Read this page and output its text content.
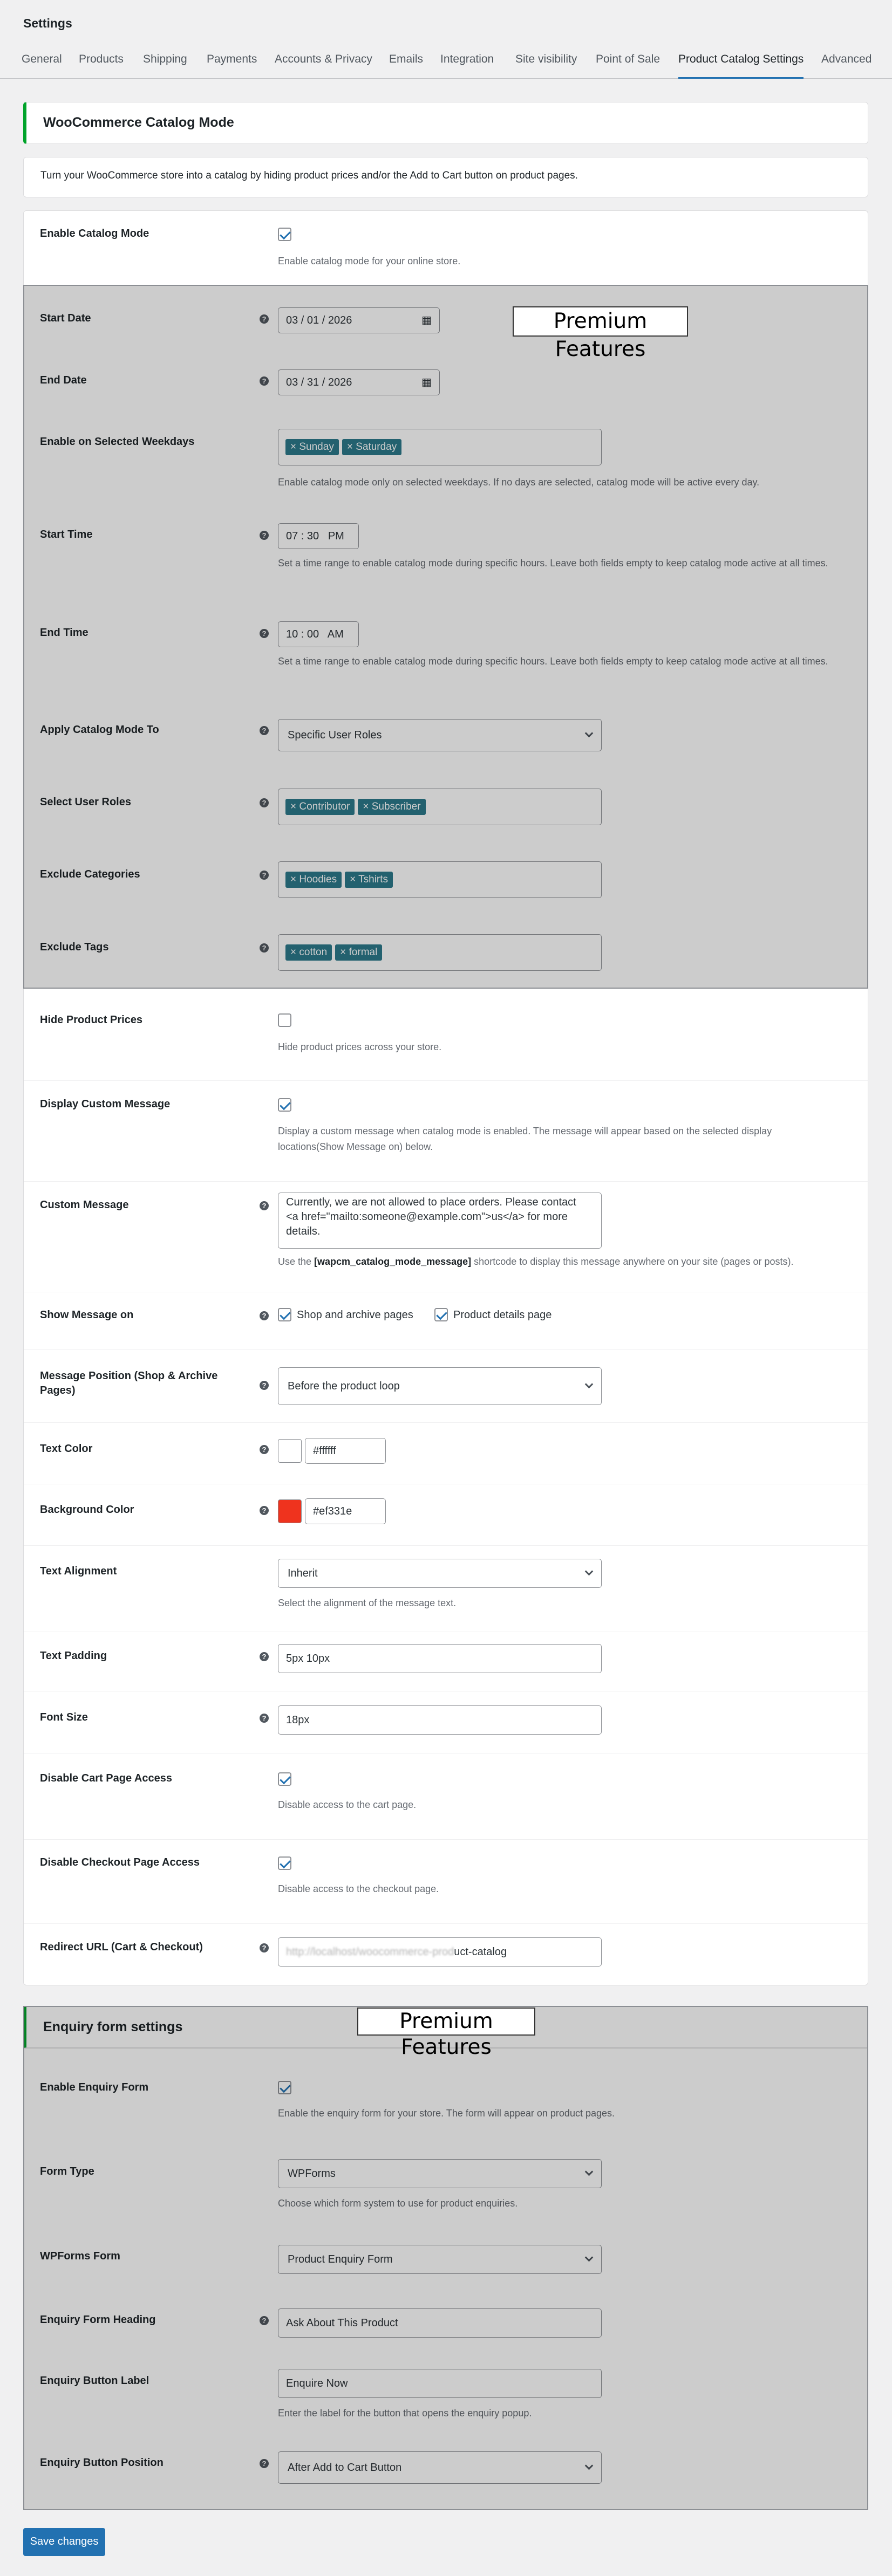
Settings
General Products Shipping Payments Accounts & Privacy Emails Integration Site visibility Point of Sale Product Catalog Settings Advanced
WooCommerce Catalog Mode
Turn your WooCommerce store into a catalog by hiding product prices and/or the Add to Cart button on product pages.
Enable Catalog Mode
Enable catalog mode for your online store.
Start Date	?	03 / 01 / 2026	▦
End Date	?	03 / 31 / 2026	▦
Enable on Selected Weekdays	× Sunday × Saturday
Enable catalog mode only on selected weekdays. If no days are selected, catalog mode will be active every day.
Start Time	?	07 : 30   PM
Set a time range to enable catalog mode during specific hours. Leave both fields empty to keep catalog mode active at all times.
End Time	?	10 : 00   AM
Set a time range to enable catalog mode during specific hours. Leave both fields empty to keep catalog mode active at all times.
Apply Catalog Mode To	?	Specific User Roles
Select User Roles	?	× Contributor × Subscriber
Exclude Categories	?	× Hoodies × Tshirts
Exclude Tags	?	× cotton × formal
Premium Features
Hide Product Prices
Hide product prices across your store.
Display Custom Message
Display a custom message when catalog mode is enabled. The message will appear based on the selected display
locations(Show Message on) below.
Custom Message	? Currently, we are not allowed to place orders. Please contact
<a href="mailto:someone@example.com">us</a> for more
details.
Use the [wapcm_catalog_mode_message] shortcode to display this message anywhere on your site (pages or posts).
Show Message on	?	Shop and archive pages	Product details page
Message Position (Shop & Archive Pages)	?	Before the product loop
Text Color	?	#ffffff
Background Color	?	#ef331e
Text Alignment	Inherit
Select the alignment of the message text.
Text Padding	?	5px 10px
Font Size	?	18px
Disable Cart Page Access
Disable access to the cart page.
Disable Checkout Page Access
Disable access to the checkout page.
Redirect URL (Cart & Checkout)	?	http://localhost/woocommerce-product-catalog
Enquiry form settings
Enable Enquiry Form
Enable the enquiry form for your store. The form will appear on product pages.
Form Type	WPForms
Choose which form system to use for product enquiries.
WPForms Form	Product Enquiry Form
Enquiry Form Heading	?	Ask About This Product
Enquiry Button Label	Enquire Now
Enter the label for the button that opens the enquiry popup.
Enquiry Button Position	?	After Add to Cart Button
Premium Features
Save changes
